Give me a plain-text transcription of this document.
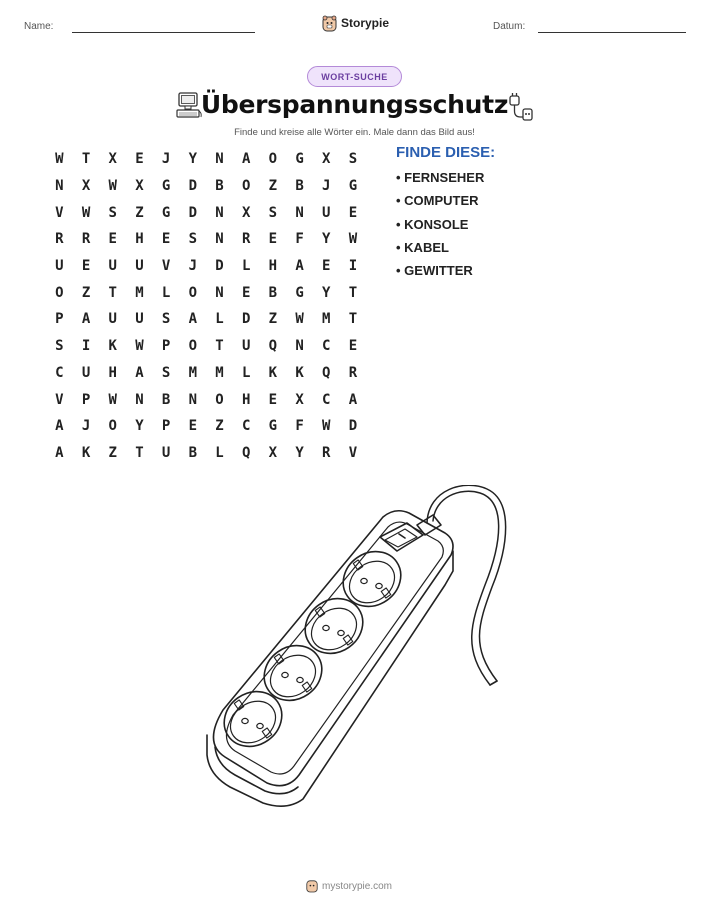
Name:	Storypie	Datum:
WORT-SUCHE
Überspannungsschutz
Finde und kreise alle Wörter ein. Male dann das Bild aus!
W	T	X	E	J	Y	N	A	O	G	X	S
N	X	W	X	G	D	B	O	Z	B	J	G
V	W	S	Z	G	D	N	X	S	N	U	E
R	R	E	H	E	S	N	R	E	F	Y	W
U	E	U	U	V	J	D	L	H	A	E	I
O	Z	T	M	L	O	N	E	B	G	Y	T
P	A	U	U	S	A	L	D	Z	W	M	T
S	I	K	W	P	O	T	U	Q	N	C	E
C	U	H	A	S	M	M	L	K	K	Q	R
V	P	W	N	B	N	O	H	E	X	C	A
A	J	O	Y	P	E	Z	C	G	F	W	D
A	K	Z	T	U	B	L	Q	X	Y	R	V
FINDE DIESE:
• FERNSEHER
• COMPUTER
• KONSOLE
• KABEL
• GEWITTER
mystorypie.com
